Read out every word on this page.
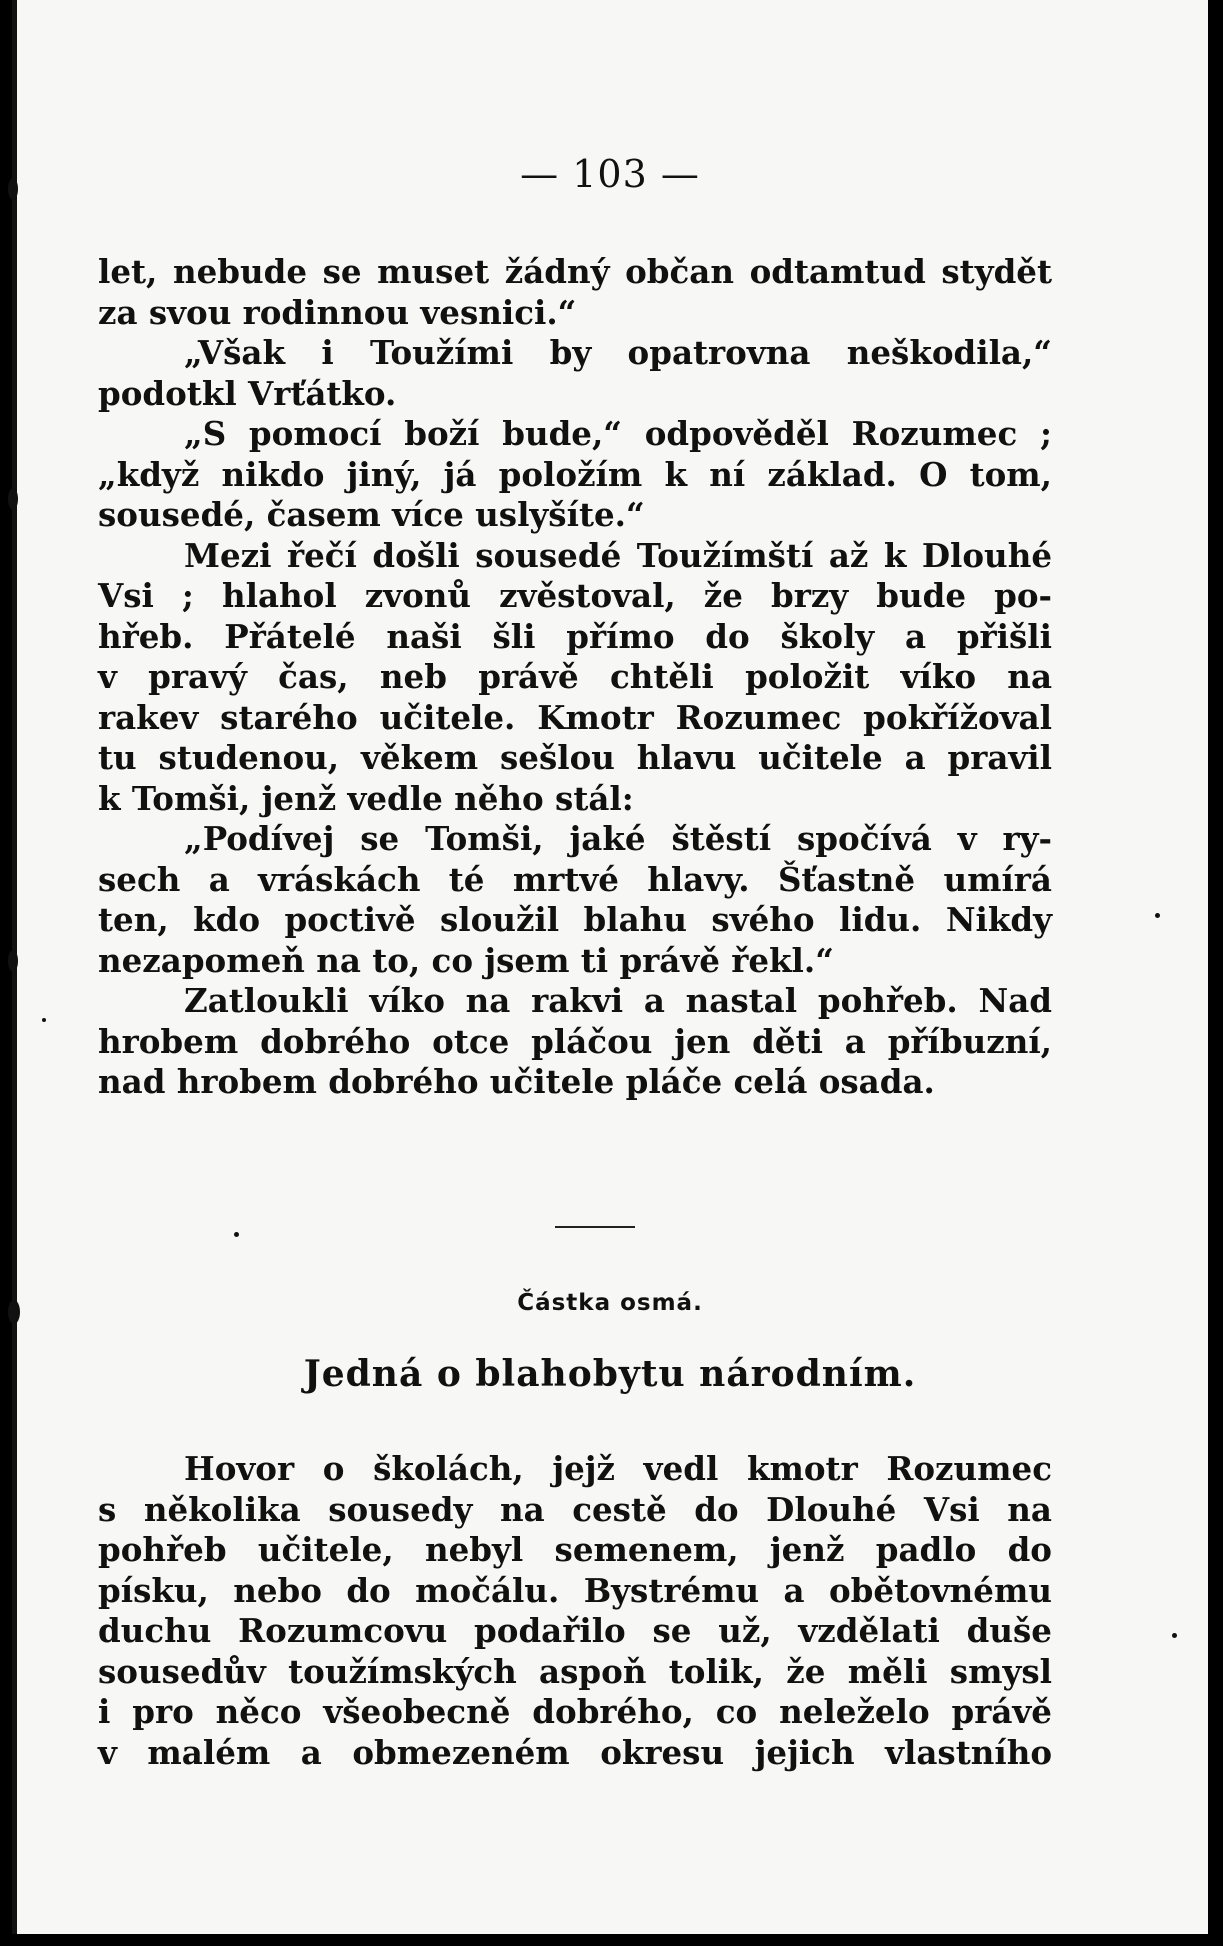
— 103 —
let, nebude se muset žádný občan odtamtud stydět
za svou rodinnou vesnici.“
„Však i Toužími by opatrovna neškodila,“
podotkl Vrťátko.
„S pomocí boží bude,“ odpověděl Rozumec ;
„když nikdo jiný, já položím k ní základ. O tom,
sousedé, časem více uslyšíte.“
Mezi řečí došli sousedé Toužímští až k Dlouhé
Vsi ; hlahol zvonů zvěstoval, že brzy bude po-
hřeb. Přátelé naši šli přímo do školy a přišli
v pravý čas, neb právě chtěli položit víko na
rakev starého učitele. Kmotr Rozumec pokřížoval
tu studenou, věkem sešlou hlavu učitele a pravil
k Tomši, jenž vedle něho stál:
„Podívej se Tomši, jaké štěstí spočívá v ry-
sech a vráskách té mrtvé hlavy. Šťastně umírá
ten, kdo poctivě sloužil blahu svého lidu. Nikdy
nezapomeň na to, co jsem ti právě řekl.“
Zatloukli víko na rakvi a nastal pohřeb. Nad
hrobem dobrého otce pláčou jen děti a příbuzní,
nad hrobem dobrého učitele pláče celá osada.
Částka osmá.
Jedná o blahobytu národním.
Hovor o školách, jejž vedl kmotr Rozumec
s několika sousedy na cestě do Dlouhé Vsi na
pohřeb učitele, nebyl semenem, jenž padlo do
písku, nebo do močálu. Bystrému a obětovnému
duchu Rozumcovu podařilo se už, vzdělati duše
sousedův toužímských aspoň tolik, že měli smysl
i pro něco všeobecně dobrého, co neleželo právě
v malém a obmezeném okresu jejich vlastního
